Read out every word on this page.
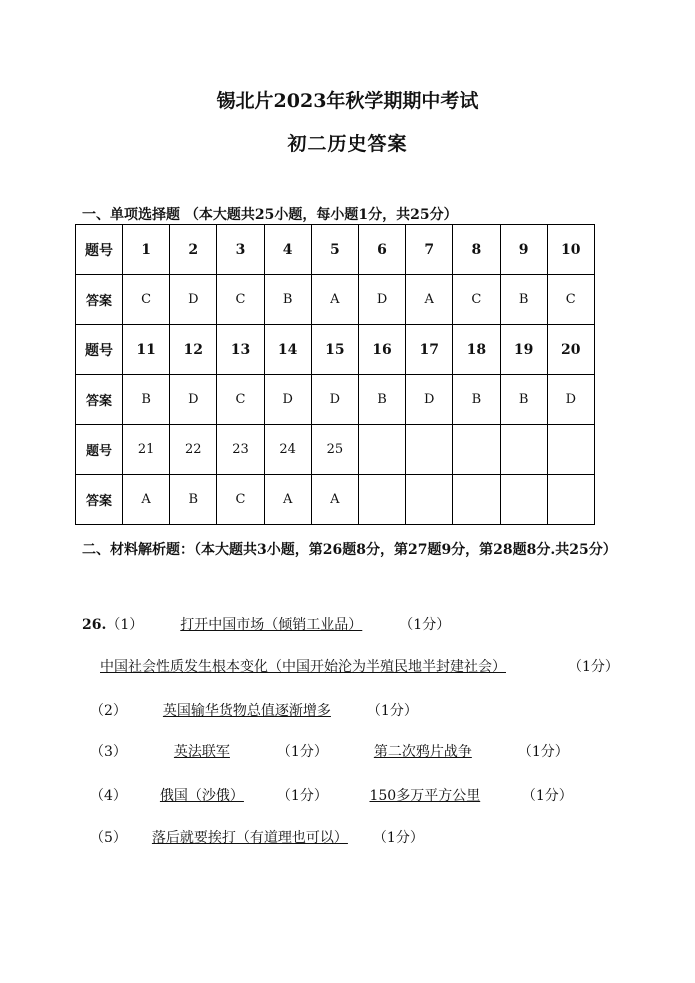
锡北片2023年秋学期期中考试
初二历史答案
一、单项选择题 （本大题共25小题，每小题1分，共25分）
题号	1	2	3	4	5	6	7	8	9	10
答案	C	D	C	B	A	D	A	C	B	C
题号	11	12	13	14	15	16	17	18	19	20
答案	B	D	C	D	D	B	D	B	B	D
题号	21	22	23	24	25					
答案	A	B	C	A	A					
二、材料解析题：（本大题共3小题，第26题8分，第27题9分，第28题8分.共25分）
26.（1）	打开中国市场（倾销工业品）	（1分）
中国社会性质发生根本变化（中国开始沦为半殖民地半封建社会）	（1分）
（2）	英国输华货物总值逐渐增多	（1分）
（3）	英法联军	（1分）	第二次鸦片战争	（1分）
（4） 俄国（沙俄） （1分）	150多万平方公里	（1分）
（5） 落后就要挨打（有道理也可以） （1分）
